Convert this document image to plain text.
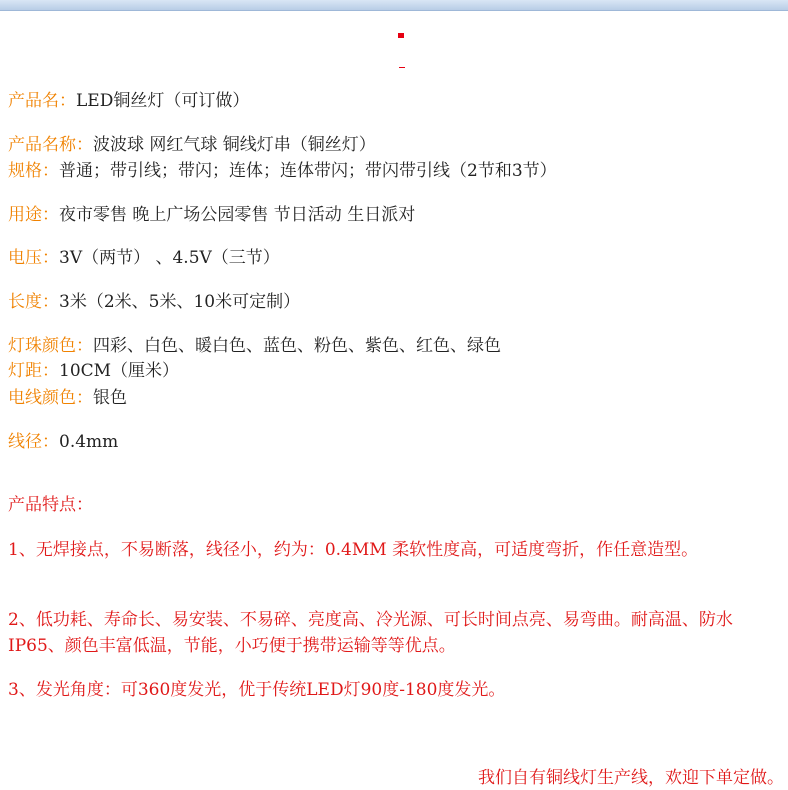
产品名：LED铜丝灯（可订做）
产品名称：波波球 网红气球 铜线灯串（铜丝灯）
规格：普通；带引线；带闪；连体；连体带闪；带闪带引线（2节和3节）
用途：夜市零售 晚上广场公园零售 节日活动 生日派对
电压：3V（两节） 、4.5V（三节）
长度：3米（2米、5米、10米可定制）
灯珠颜色：四彩、白色、暖白色、蓝色、粉色、紫色、红色、绿色
灯距：10CM（厘米）
电线颜色：银色
线径：0.4mm
产品特点：
1、无焊接点，不易断落，线径小，约为：0.4MM 柔软性度高，可适度弯折，作任意造型。
2、低功耗、寿命长、易安装、不易碎、亮度高、冷光源、可长时间点亮、易弯曲。耐高温、防水IP65、颜色丰富低温，节能，小巧便于携带运输等等优点。
3、发光角度：可360度发光，优于传统LED灯90度-180度发光。
我们自有铜线灯生产线，欢迎下单定做。
